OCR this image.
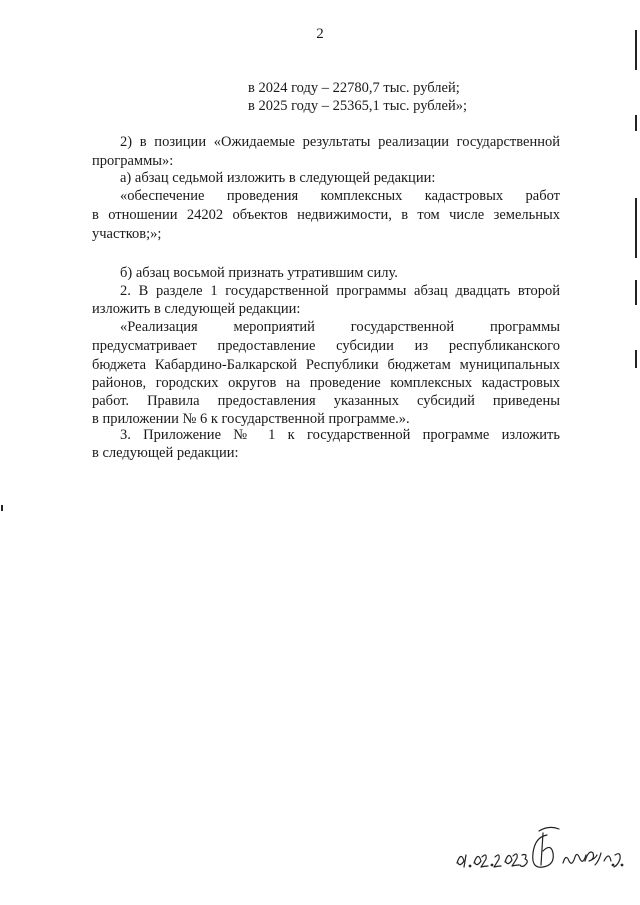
2
в 2024 году – 22780,7 тыс. рублей;
в 2025 году – 25365,1 тыс. рублей»;
2) в позиции «Ожидаемые результаты реализации государственной
программы»:
а) абзац седьмой изложить в следующей редакции:
«обеспечение проведения комплексных кадастровых работ
в отношении 24202 объектов недвижимости, в том числе земельных
участков;»;
б) абзац восьмой признать утратившим силу.
2. В разделе 1 государственной программы абзац двадцать второй
изложить в следующей редакции:
«Реализация мероприятий государственной программы
предусматривает предоставление субсидии из республиканского
бюджета Кабардино-Балкарской Республики бюджетам муниципальных
районов, городских округов на проведение комплексных кадастровых
работ. Правила предоставления указанных субсидий приведены
в приложении № 6 к государственной программе.».
3. Приложение № 1 к государственной программе изложить
в следующей редакции:
